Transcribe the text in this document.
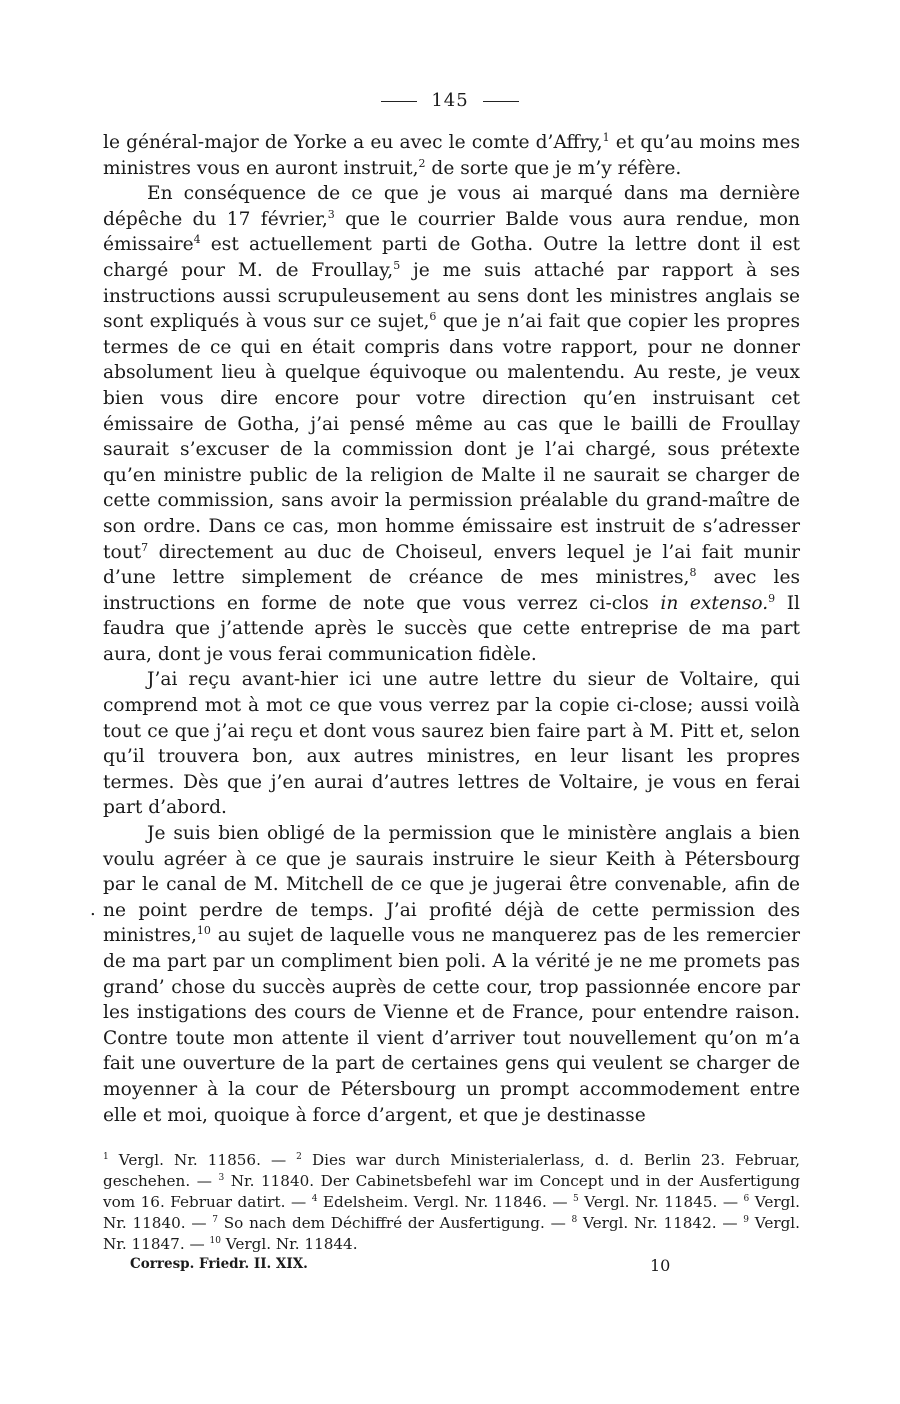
145

le général-major de Yorke a eu avec le comte d’Affry,$^1$ et qu’au moins mes ministres vous en auront instruit,$^2$ de sorte que je m’y réfère.

En conséquence de ce que je vous ai marqué dans ma dernière dépêche du 17 février,$^3$ que le courrier Balde vous aura rendue, mon émissaire$^4$ est actuellement parti de Gotha. Outre la lettre dont il est chargé pour M. de Froullay,$^5$ je me suis attaché par rapport à ses instructions aussi scrupuleusement au sens dont les ministres anglais se sont expliqués à vous sur ce sujet,$^6$ que je n’ai fait que copier les propres termes de ce qui en était compris dans votre rapport, pour ne donner absolument lieu à quelque équivoque ou malentendu. Au reste, je veux bien vous dire encore pour votre direction qu’en instruisant cet émissaire de Gotha, j’ai pensé même au cas que le bailli de Froullay saurait s’excuser de la commission dont je l’ai chargé, sous prétexte qu’en ministre public de la religion de Malte il ne saurait se charger de cette commission, sans avoir la permission préalable du grand-maître de son ordre. Dans ce cas, mon homme émissaire est instruit de s’adresser tout$^7$ directement au duc de Choiseul, envers lequel je l’ai fait munir d’une lettre simplement de créance de mes ministres,$^8$ avec les instructions en forme de note que vous verrez ci-clos in extenso.$^9$ Il faudra que j’attende après le succès que cette entreprise de ma part aura, dont je vous ferai communication fidèle.

J’ai reçu avant-hier ici une autre lettre du sieur de Voltaire, qui comprend mot à mot ce que vous verrez par la copie ci-close; aussi voilà tout ce que j’ai reçu et dont vous saurez bien faire part à M. Pitt et, selon qu’il trouvera bon, aux autres ministres, en leur lisant les propres termes. Dès que j’en aurai d’autres lettres de Voltaire, je vous en ferai part d’abord.

Je suis bien obligé de la permission que le ministère anglais a bien voulu agréer à ce que je saurais instruire le sieur Keith à Pétersbourg par le canal de M. Mitchell de ce que je jugerai être convenable, afin de ne point perdre de temps. J’ai profité déjà de cette permission des ministres,$^{10}$ au sujet de laquelle vous ne manquerez pas de les remercier de ma part par un compliment bien poli. A la vérité je ne me promets pas grand’ chose du succès auprès de cette cour, trop passionnée encore par les instigations des cours de Vienne et de France, pour entendre raison. Contre toute mon attente il vient d’arriver tout nouvellement qu’on m’a fait une ouverture de la part de certaines gens qui veulent se charger de moyenner à la cour de Pétersbourg un prompt accommodement entre elle et moi, quoique à force d’argent, et que je destinasse

.
$^1$ Vergl. Nr. 11856. — $^2$ Dies war durch Ministerialerlass, d. d. Berlin 23. Februar, geschehen. — $^3$ Nr. 11840. Der Cabinetsbefehl war im Concept und in der Ausfertigung vom 16. Februar datirt. — $^4$ Edelsheim. Vergl. Nr. 11846. — $^5$ Vergl. Nr. 11845. — $^6$ Vergl. Nr. 11840. — $^7$ So nach dem Déchiffré der Ausfertigung. — $^8$ Vergl. Nr. 11842. — $^9$ Vergl. Nr. 11847. — $^{10}$ Vergl. Nr. 11844.
Corresp. Friedr. II. XIX.	10
